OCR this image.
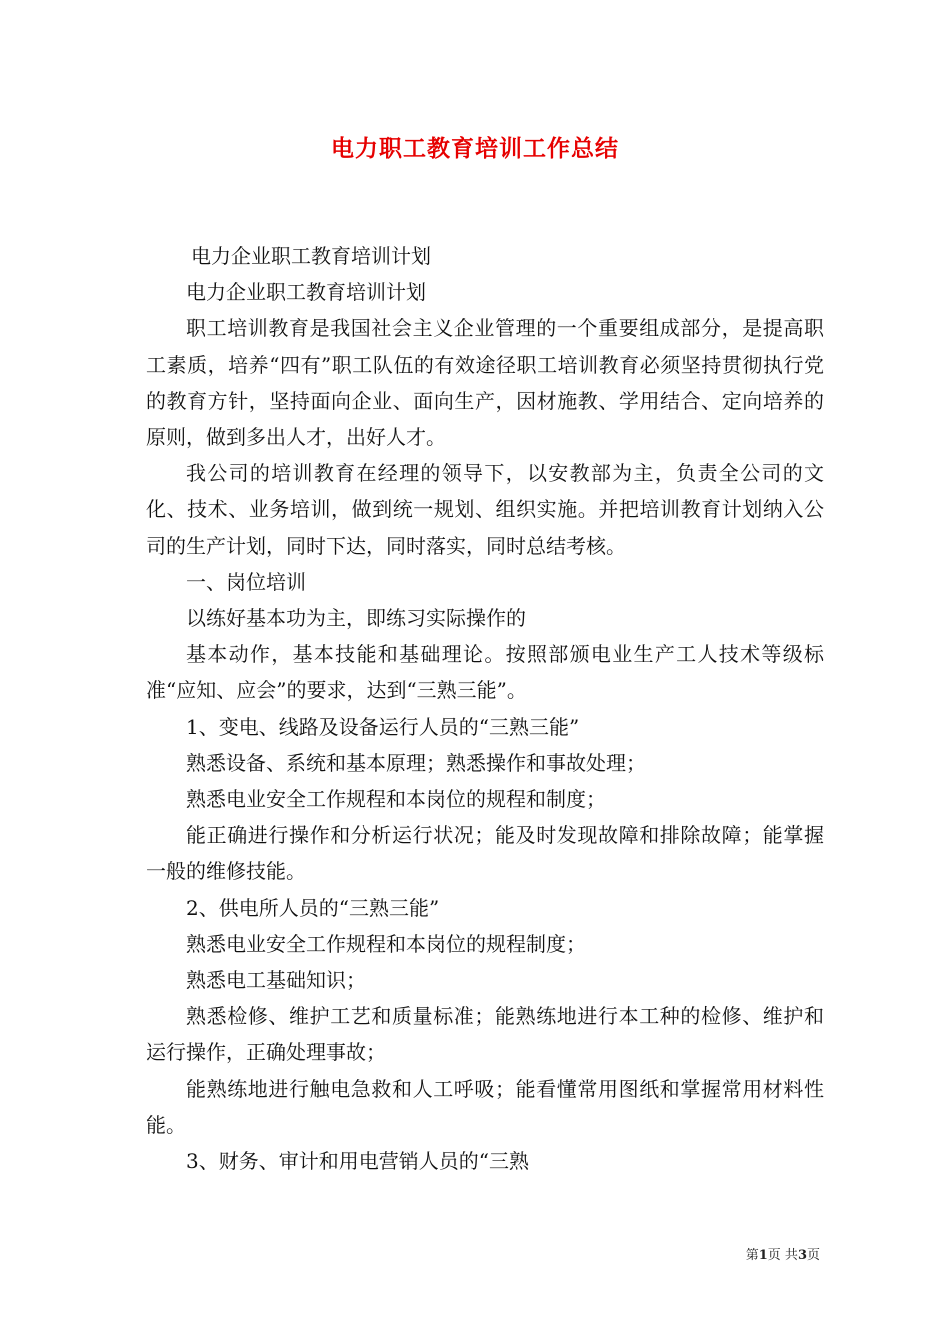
电力职工教育培训工作总结

电力企业职工教育培训计划

电力企业职工教育培训计划

职工培训教育是我国社会主义企业管理的一个重要组成部分，是提高职工素质，培养“四有”职工队伍的有效途径职工培训教育必须坚持贯彻执行党的教育方针，坚持面向企业、面向生产，因材施教、学用结合、定向培养的原则，做到多出人才，出好人才。

我公司的培训教育在经理的领导下，以安教部为主，负责全公司的文化、技术、业务培训，做到统一规划、组织实施。并把培训教育计划纳入公司的生产计划，同时下达，同时落实，同时总结考核。

一、岗位培训

以练好基本功为主，即练习实际操作的

基本动作，基本技能和基础理论。按照部颁电业生产工人技术等级标准“应知、应会”的要求，达到“三熟三能”。

1、变电、线路及设备运行人员的“三熟三能”

熟悉设备、系统和基本原理；熟悉操作和事故处理；

熟悉电业安全工作规程和本岗位的规程和制度；

能正确进行操作和分析运行状况；能及时发现故障和排除故障；能掌握一般的维修技能。

2、供电所人员的“三熟三能”

熟悉电业安全工作规程和本岗位的规程制度；

熟悉电工基础知识；

熟悉检修、维护工艺和质量标准；能熟练地进行本工种的检修、维护和运行操作，正确处理事故；

能熟练地进行触电急救和人工呼吸；能看懂常用图纸和掌握常用材料性能。

3、财务、审计和用电营销人员的“三熟

第1页 共3页
